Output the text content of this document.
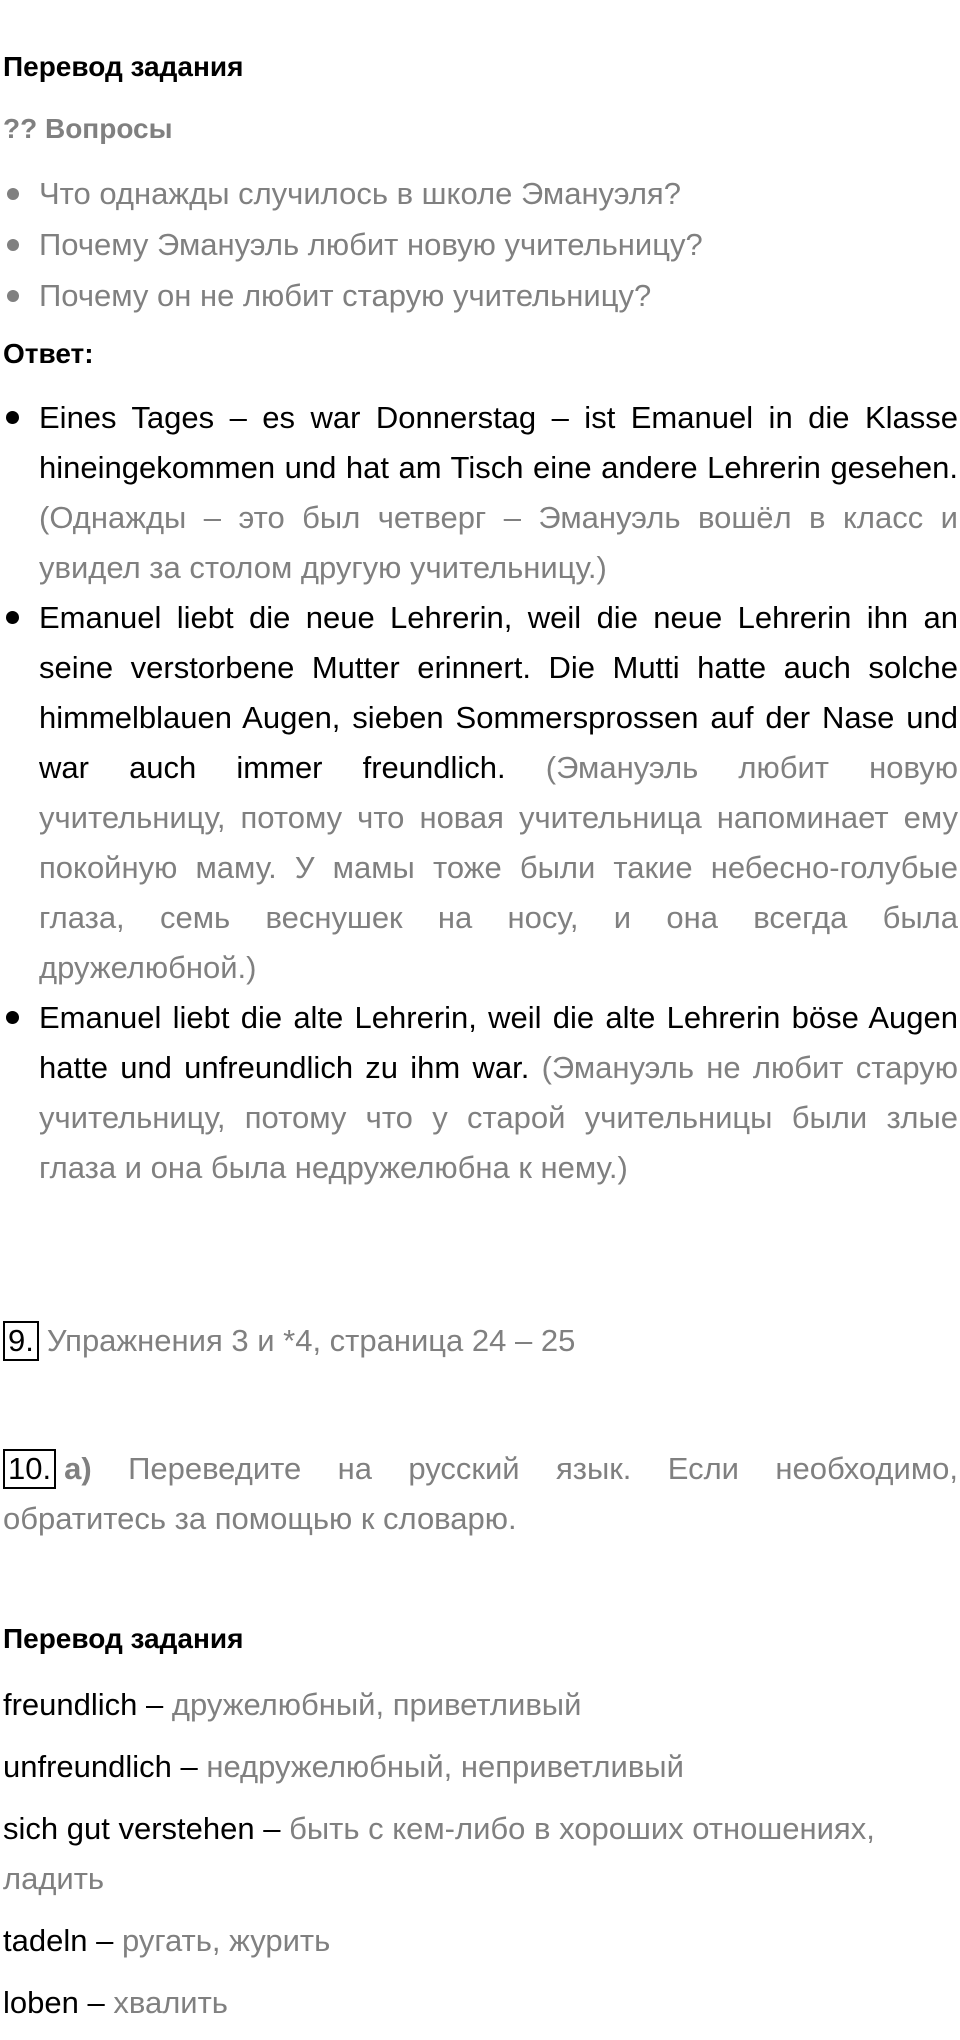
Перевод задания
?? Вопросы
Что однажды случилось в школе Эмануэля?
Почему Эмануэль любит новую учительницу?
Почему он не любит старую учительницу?
Ответ:
Eines Tages – es war Donnerstag – ist Emanuel in die Klasse hineingekommen und hat am Tisch eine andere Lehrerin gesehen. (Однажды – это был четверг – Эмануэль вошёл в класс и увидел за столом другую учительницу.)
Emanuel liebt die neue Lehrerin, weil die neue Lehrerin ihn an seine verstorbene Mutter erinnert. Die Mutti hatte auch solche himmelblauen Augen, sieben Sommersprossen auf der Nase und war auch immer freundlich. (Эмануэль любит новую учительницу, потому что новая учительница напоминает ему покойную маму. У мамы тоже были такие небесно-голубые глаза, семь веснушек на носу, и она всегда была дружелюбной.)
Emanuel liebt die alte Lehrerin, weil die alte Lehrerin böse Augen hatte und unfreundlich zu ihm war. (Эмануэль не любит старую учительницу, потому что у старой учительницы были злые глаза и она была недружелюбна к нему.)
9. Упражнения 3 и *4, страница 24 – 25
10. а) Переведите на русский язык. Если необходимо, обратитесь за помощью к словарю.
Перевод задания
freundlich – дружелюбный, приветливый
unfreundlich – недружелюбный, неприветливый
sich gut verstehen – быть с кем-либо в хороших отношениях, ладить
tadeln – ругать, журить
loben – хвалить
